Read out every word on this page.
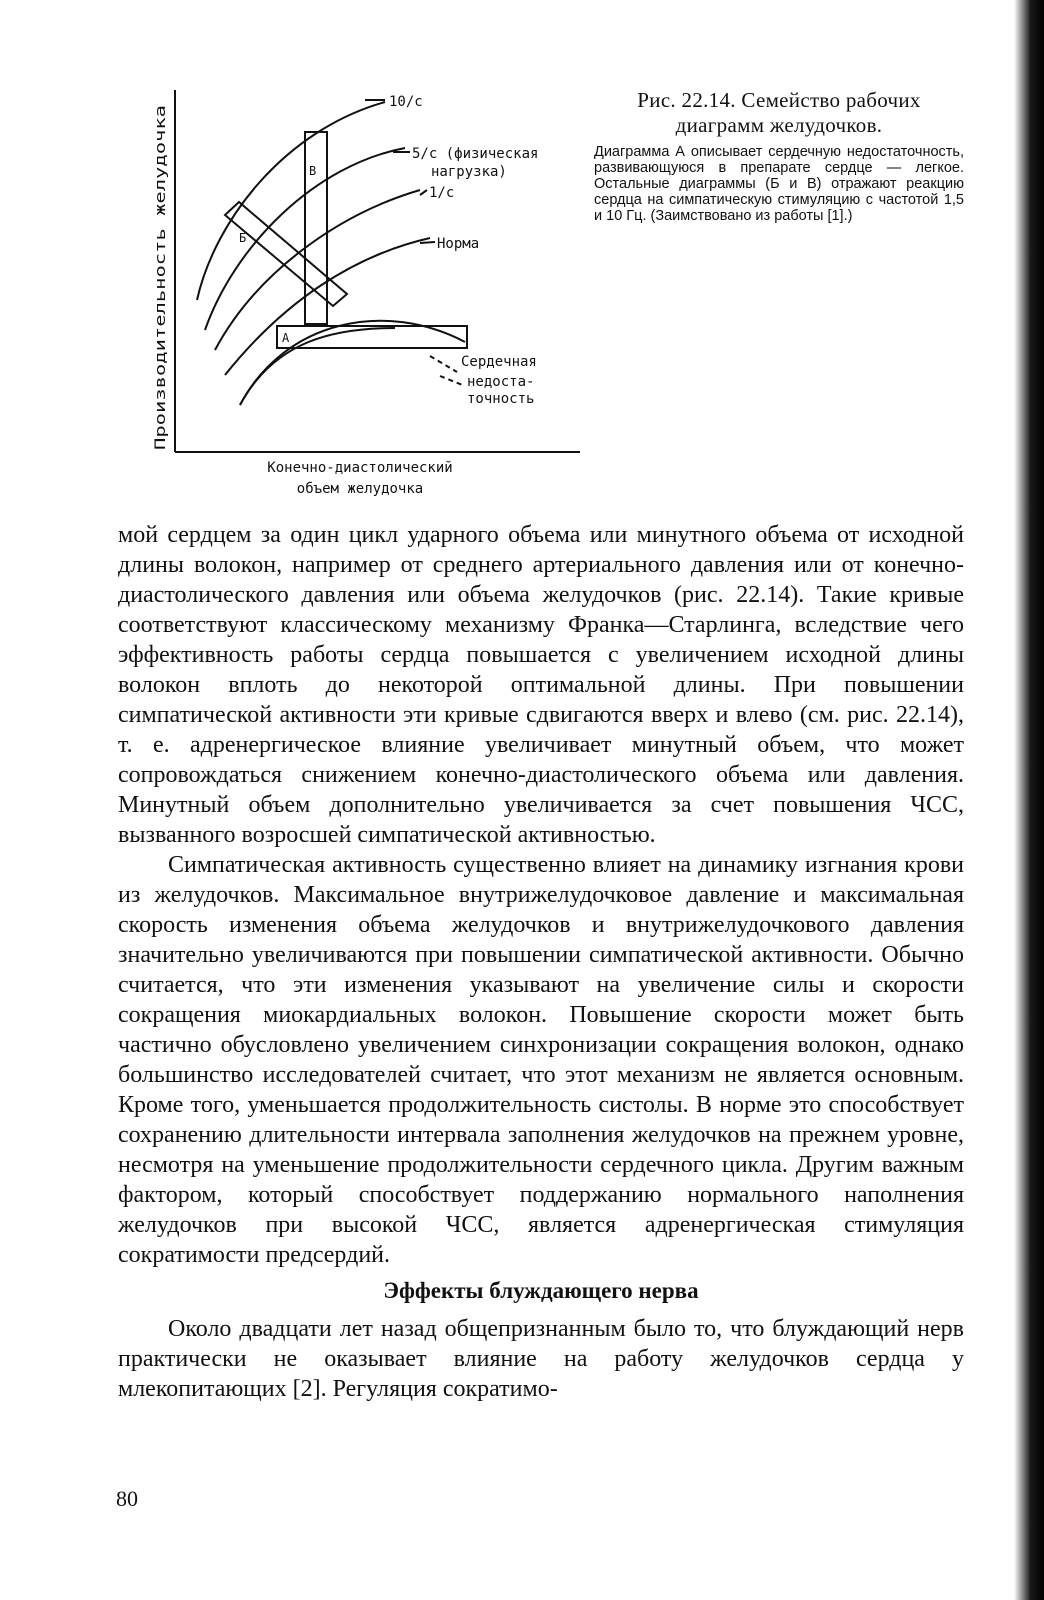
Производительность желудочка
Конечно-диастолический
объем желудочка
10/с
5/с (физическая
нагрузка)
1/с
Норма
Сердечная
недоста-
точность
В
Б
А

Рис. 22.14. Семейство рабочих
диаграмм желудочков.

Диаграмма А описывает сердечную недостаточность, развивающуюся в препарате сердце — легкое. Остальные диаграммы (Б и В) отражают реакцию сердца на симпатическую стимуляцию с частотой 1,5 и 10 Гц. (Заимствовано из работы [1].)

мой сердцем за один цикл ударного объема или минутного объема от исходной длины волокон, например от среднего артериального давления или от конечно-диастолического давления или объема желудочков (рис. 22.14). Такие кривые соответствуют классическому механизму Франка—Старлинга, вследствие чего эффективность работы сердца повышается с увеличением исходной длины волокон вплоть до некоторой оптимальной длины. При повышении симпатической активности эти кривые сдвигаются вверх и влево (см. рис. 22.14), т. е. адренергическое влияние увеличивает минутный объем, что может сопровождаться снижением конечно-диастолического объема или давления. Минутный объем дополнительно увеличивается за счет повышения ЧСС, вызванного возросшей симпатической активностью.

Симпатическая активность существенно влияет на динамику изгнания крови из желудочков. Максимальное внутрижелудочковое давление и максимальная скорость изменения объема желудочков и внутрижелудочкового давления значительно увеличиваются при повышении симпатической активности. Обычно считается, что эти изменения указывают на увеличение силы и скорости сокращения миокардиальных волокон. Повышение скорости может быть частично обусловлено увеличением синхронизации сокращения волокон, однако большинство исследователей считает, что этот механизм не является основным. Кроме того, уменьшается продолжительность систолы. В норме это способствует сохранению длительности интервала заполнения желудочков на прежнем уровне, несмотря на уменьшение продолжительности сердечного цикла. Другим важным фактором, который способствует поддержанию нормального наполнения желудочков при высокой ЧСС, является адренергическая стимуляция сократимости предсердий.

Эффекты блуждающего нерва

Около двадцати лет назад общепризнанным было то, что блуждающий нерв практически не оказывает влияние на работу желудочков сердца у млекопитающих [2]. Регуляция сократимо-

80
